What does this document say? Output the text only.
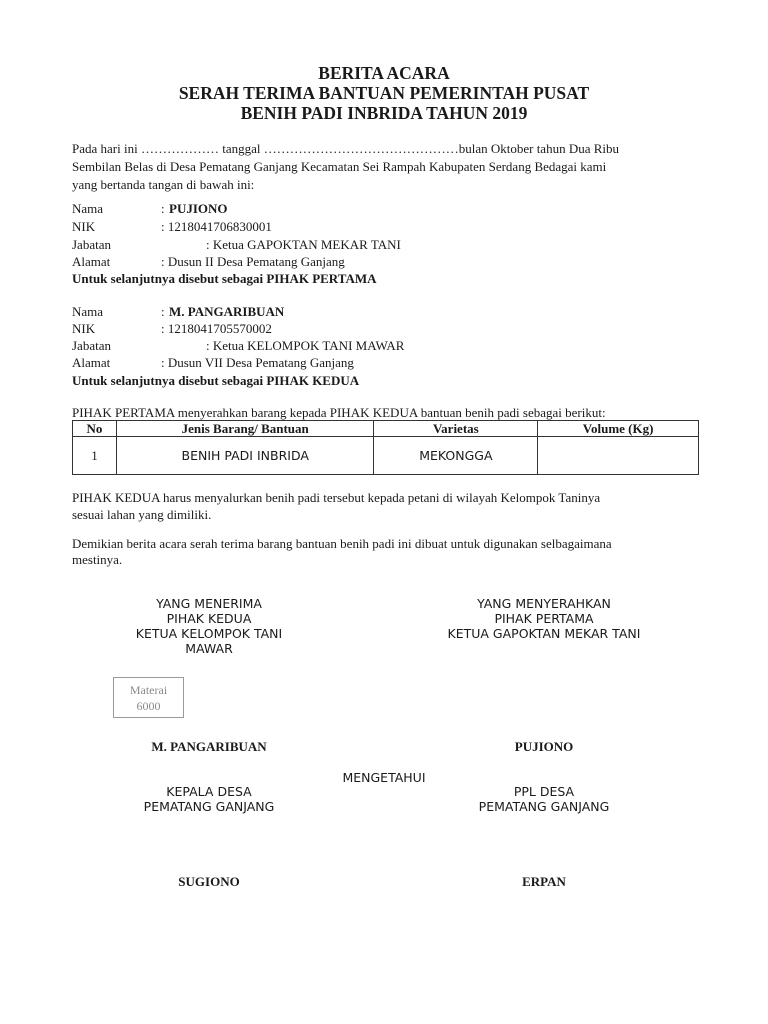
BERITA ACARA
SERAH TERIMA BANTUAN PEMERINTAH PUSAT
BENIH PADI INBRIDA TAHUN 2019
Pada hari ini ……………… tanggal ………………………………………bulan Oktober tahun Dua Ribu
Sembilan Belas di Desa Pematang Ganjang Kecamatan Sei Rampah Kabupaten Serdang Bedagai kami
yang bertanda tangan di bawah ini:
Nama	: PUJIONO
NIK	: 1218041706830001
Jabatan	: Ketua GAPOKTAN MEKAR TANI
Alamat	: Dusun II Desa Pematang Ganjang
Untuk selanjutnya disebut sebagai PIHAK PERTAMA
Nama	: M. PANGARIBUAN
NIK	: 1218041705570002
Jabatan	: Ketua KELOMPOK TANI MAWAR
Alamat	: Dusun VII Desa Pematang Ganjang
Untuk selanjutnya disebut sebagai PIHAK KEDUA
PIHAK PERTAMA menyerahkan barang kepada PIHAK KEDUA bantuan benih padi sebagai berikut:
No	Jenis Barang/ Bantuan	Varietas	Volume (Kg)
1	BENIH PADI INBRIDA	MEKONGGA	
PIHAK KEDUA harus menyalurkan benih padi tersebut kepada petani di wilayah Kelompok Taninya
sesuai lahan yang dimiliki.
Demikian berita acara serah terima barang bantuan benih padi ini dibuat untuk digunakan selbagaimana
mestinya.
YANG MENERIMA
PIHAK KEDUA
KETUA KELOMPOK TANI
MAWAR
YANG MENYERAHKAN
PIHAK PERTAMA
KETUA GAPOKTAN MEKAR TANI
Materai
6000
M. PANGARIBUAN	PUJIONO
MENGETAHUI
KEPALA DESA
PEMATANG GANJANG
PPL DESA
PEMATANG GANJANG
SUGIONO	ERPAN
